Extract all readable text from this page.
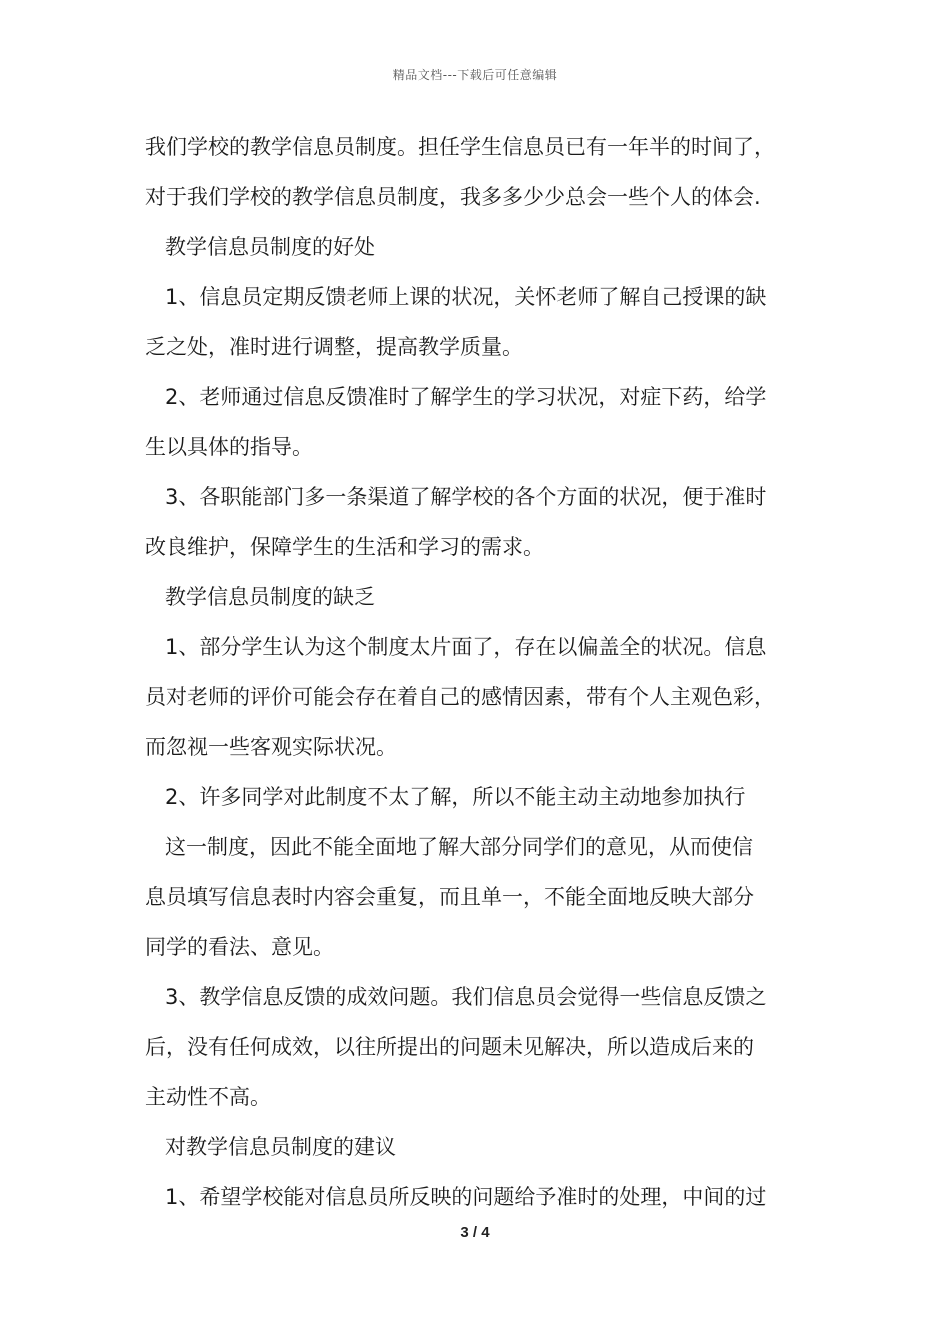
精品文档---下载后可任意编辑
我们学校的教学信息员制度。担任学生信息员已有一年半的时间了，
对于我们学校的教学信息员制度，我多多少少总会一些个人的体会.
教学信息员制度的好处
1、信息员定期反馈老师上课的状况，关怀老师了解自己授课的缺
乏之处，准时进行调整，提高教学质量。
2、老师通过信息反馈准时了解学生的学习状况，对症下药，给学
生以具体的指导。
3、各职能部门多一条渠道了解学校的各个方面的状况，便于准时
改良维护，保障学生的生活和学习的需求。
教学信息员制度的缺乏
1、部分学生认为这个制度太片面了，存在以偏盖全的状况。信息
员对老师的评价可能会存在着自己的感情因素，带有个人主观色彩，
而忽视一些客观实际状况。
2、许多同学对此制度不太了解，所以不能主动主动地参加执行
这一制度，因此不能全面地了解大部分同学们的意见，从而使信
息员填写信息表时内容会重复，而且单一，不能全面地反映大部分
同学的看法、意见。
3、教学信息反馈的成效问题。我们信息员会觉得一些信息反馈之
后，没有任何成效，以往所提出的问题未见解决，所以造成后来的
主动性不高。
对教学信息员制度的建议
1、希望学校能对信息员所反映的问题给予准时的处理，中间的过
3 / 4
